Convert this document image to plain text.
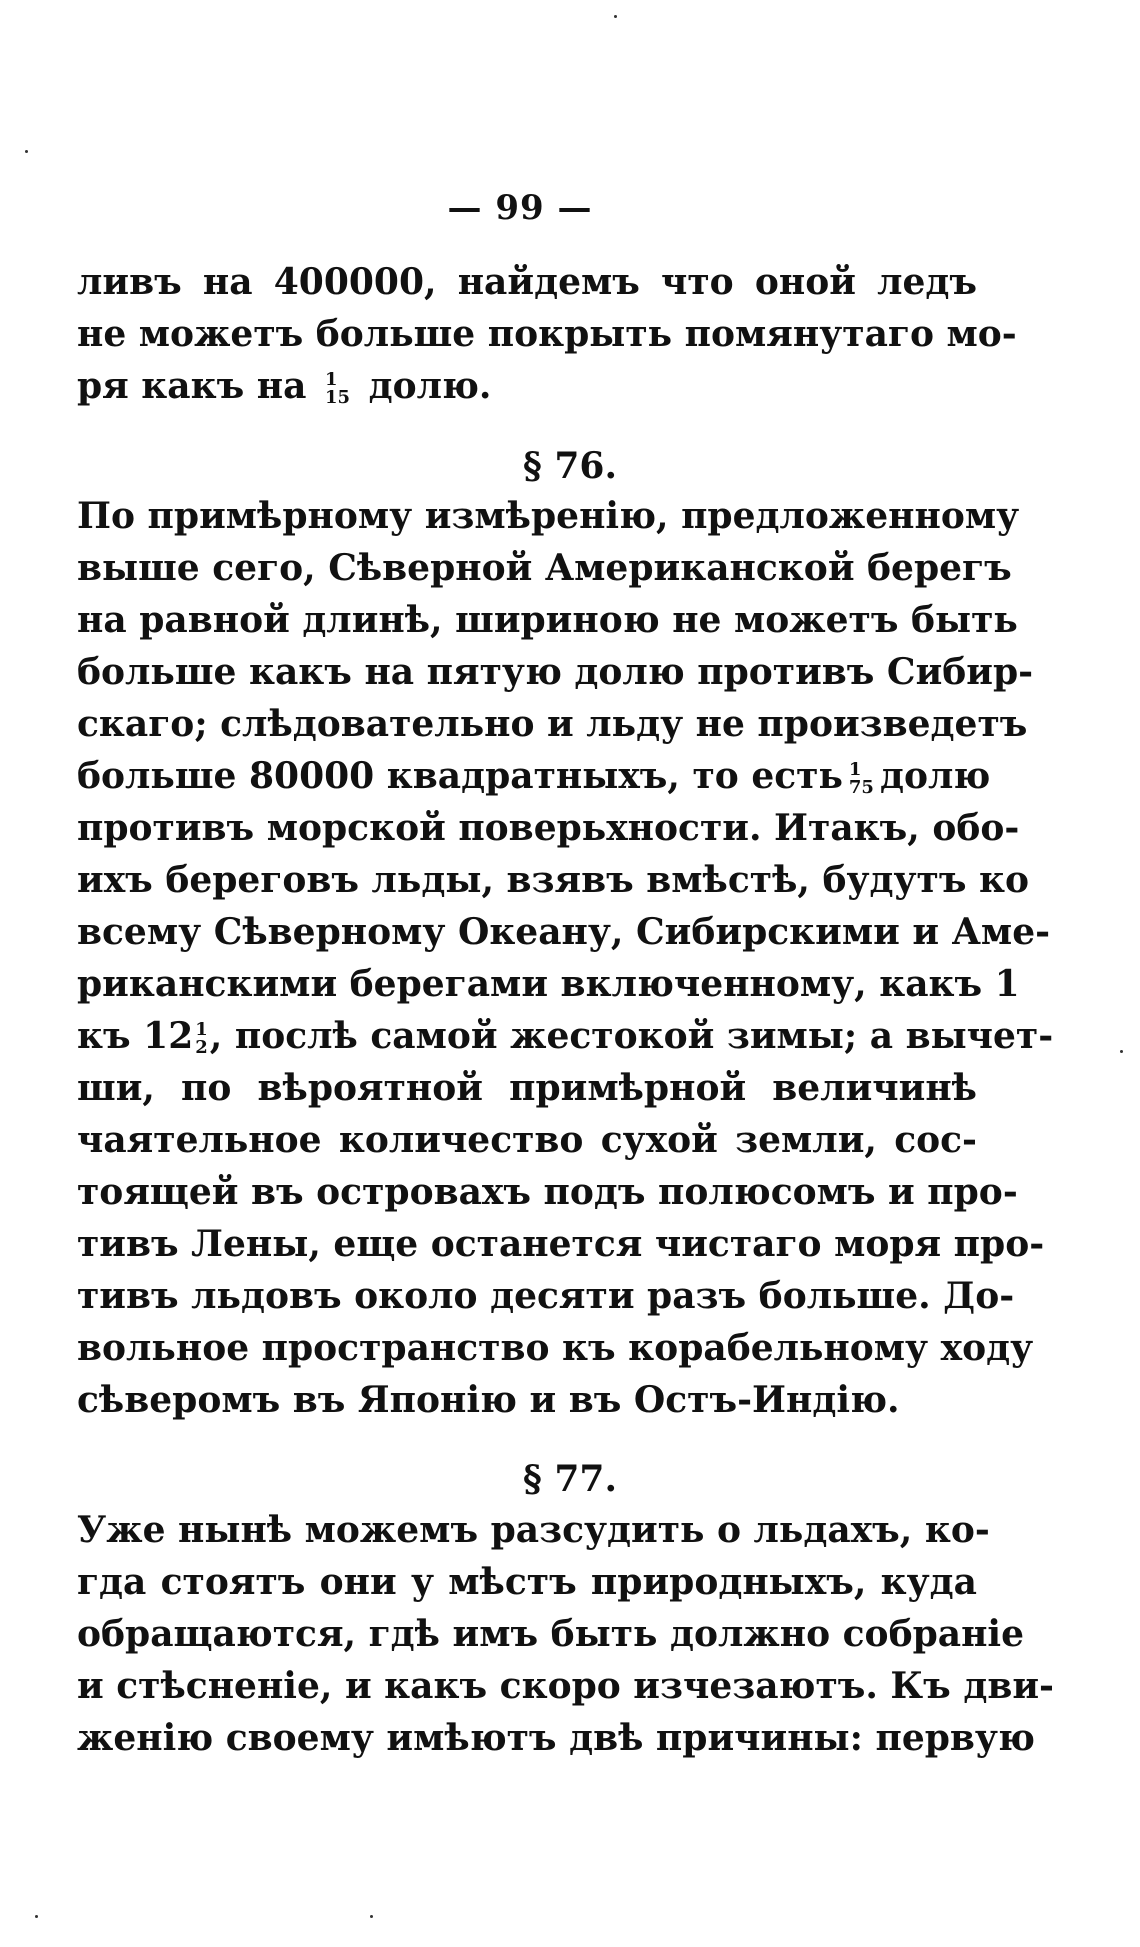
— 99 —
ливъ на 400000, найдемъ что оной ледъ
не можетъ больше покрыть помянутаго мо-
ря какъ на 1
15 долю.
§ 76.
По примѣрному измѣренію, предложенному
выше сего, Сѣверной Американской берегъ
на равной длинѣ, шириною не можетъ быть
больше какъ на пятую долю противъ Сибир-
скаго; слѣдовательно и льду не произведетъ
больше 80000 квадратныхъ, то есть 1
75 долю
противъ морской поверьхности. Итакъ, обо-
ихъ береговъ льды, взявъ вмѣстѣ, будутъ ко
всему Сѣверному Океану, Сибирскими и Аме-
риканскими берегами включенному, какъ 1
къ 12 1
2 , послѣ самой жестокой зимы; а вычет-
ши, по вѣроятной примѣрной величинѣ
чаятельное количество сухой земли, сос-
тоящей въ островахъ подъ полюсомъ и про-
тивъ Лены, еще останется чистаго моря про-
тивъ льдовъ около десяти разъ больше. До-
вольное пространство къ корабельному ходу
сѣверомъ въ Японію и въ Остъ-Индію.
§ 77.
Уже нынѣ можемъ разсудить о льдахъ, ко-
гда стоятъ они у мѣстъ природныхъ, куда
обращаются, гдѣ имъ быть должно собраніе
и стѣсненіе, и какъ скоро изчезаютъ. Къ дви-
женію своему имѣютъ двѣ причины: первую
